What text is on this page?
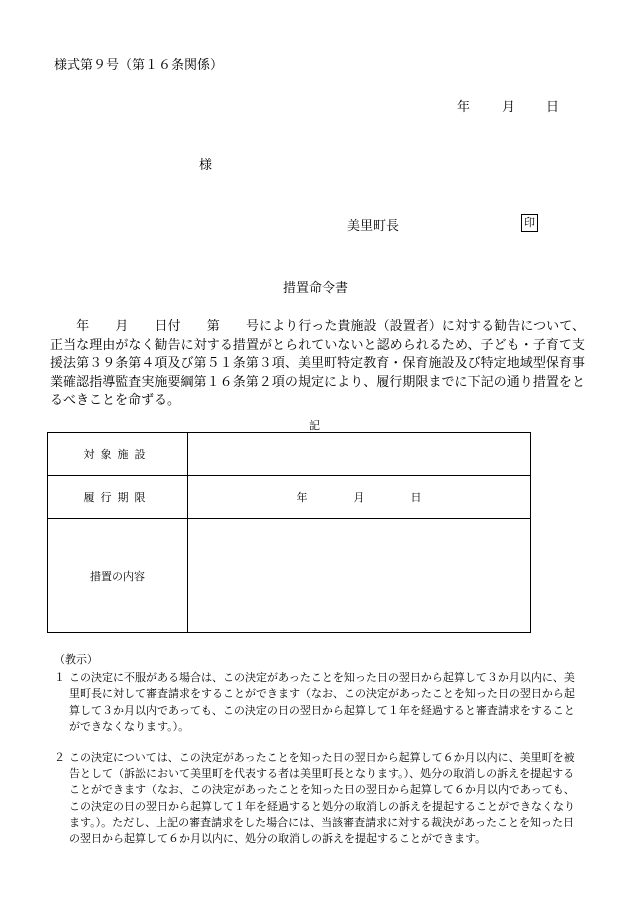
様式第９号（第１６条関係）
年 月 日
様
美里町長	印
措置命令書
　　年　　月　　日付　　第　　号により行った貴施設（設置者）に対する勧告について、正当な理由がなく勧告に対する措置がとられていないと認められるため、子ども・子育て支援法第３９条第４項及び第５１条第３項、美里町特定教育・保育施設及び特定地域型保育事業確認指導監査実施要綱第１６条第２項の規定により、履行期限までに下記の通り措置をとるべきことを命ずる。
記
対象施設	
履行期限	年 月 日
措置の内容	
（教示）
１ この決定に不服がある場合は、この決定があったことを知った日の翌日から起算して３か月以内に、美里町長に対して審査請求をすることができます（なお、この決定があったことを知った日の翌日から起算して３か月以内であっても、この決定の日の翌日から起算して１年を経過すると審査請求をすることができなくなります。）。
２ この決定については、この決定があったことを知った日の翌日から起算して６か月以内に、美里町を被告として（訴訟において美里町を代表する者は美里町長となります。）、処分の取消しの訴えを提起することができます（なお、この決定があったことを知った日の翌日から起算して６か月以内であっても、この決定の日の翌日から起算して１年を経過すると処分の取消しの訴えを提起することができなくなります。）。ただし、上記の審査請求をした場合には、当該審査請求に対する裁決があったことを知った日の翌日から起算して６か月以内に、処分の取消しの訴えを提起することができます。
